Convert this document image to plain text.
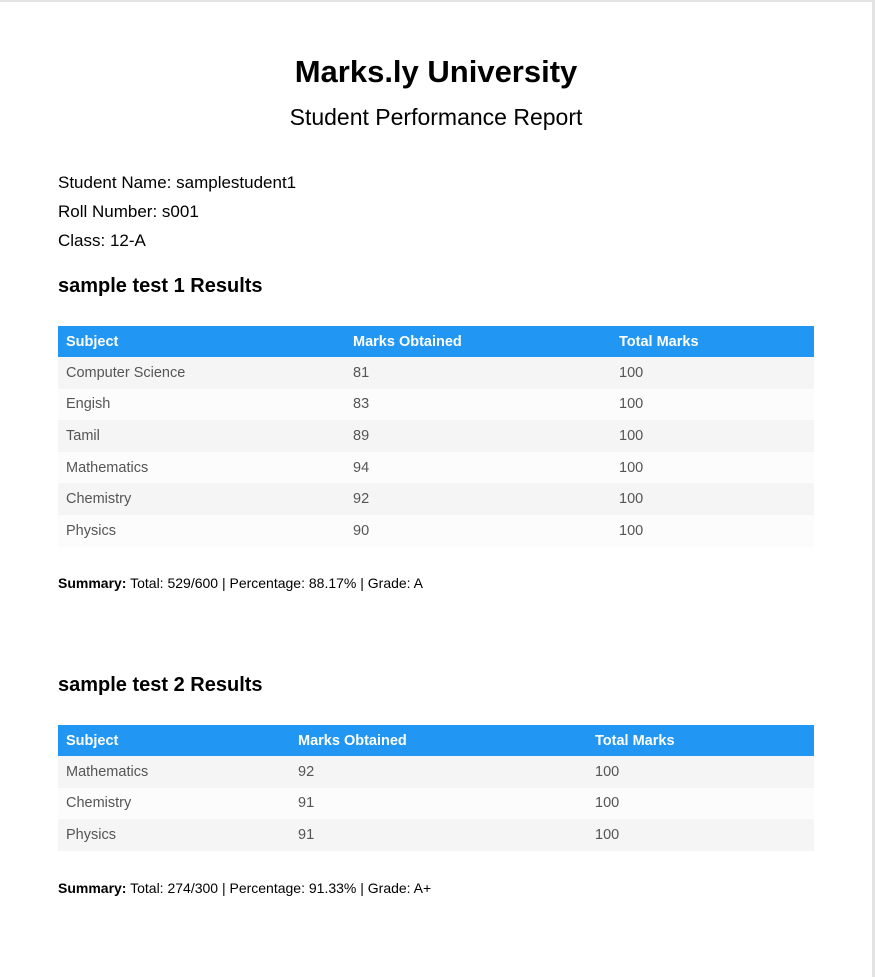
Marks.ly University
Student Performance Report
Student Name: samplestudent1
Roll Number: s001
Class: 12-A
sample test 1 Results
Subject	Marks Obtained	Total Marks
Computer Science	81	100
Engish	83	100
Tamil	89	100
Mathematics	94	100
Chemistry	92	100
Physics	90	100
Summary: Total: 529/600 | Percentage: 88.17% | Grade: A
sample test 2 Results
Subject	Marks Obtained	Total Marks
Mathematics	92	100
Chemistry	91	100
Physics	91	100
Summary: Total: 274/300 | Percentage: 91.33% | Grade: A+
